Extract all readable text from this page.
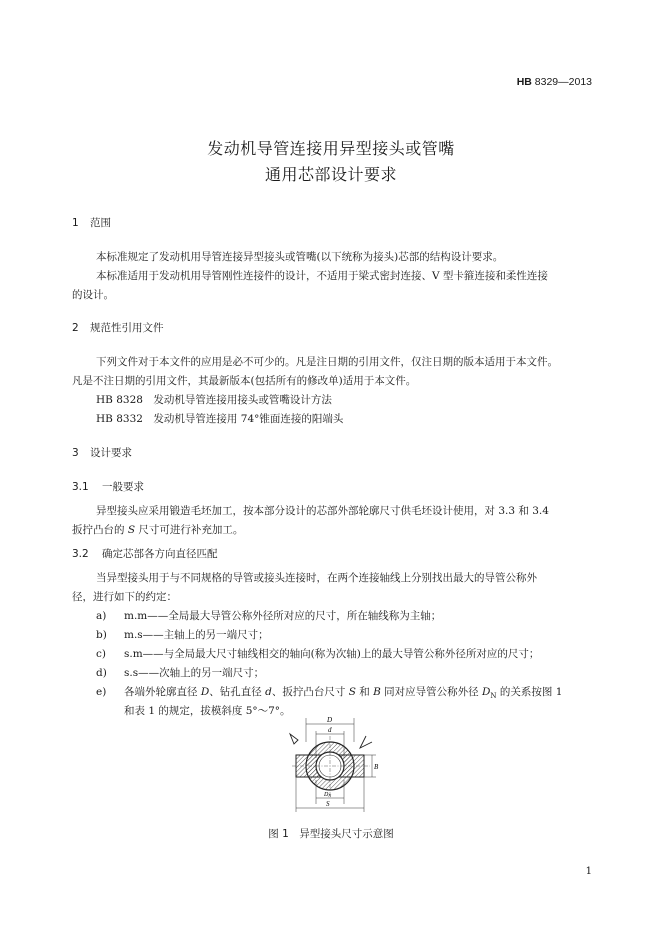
HB 8329—2013
发动机导管连接用异型接头或管嘴
通用芯部设计要求
1 范围
本标准规定了发动机用导管连接异型接头或管嘴(以下统称为接头)芯部的结构设计要求。
本标准适用于发动机用导管刚性连接件的设计，不适用于梁式密封连接、V 型卡箍连接和柔性连接
的设计。
2 规范性引用文件
下列文件对于本文件的应用是必不可少的。凡是注日期的引用文件，仅注日期的版本适用于本文件。
凡是不注日期的引用文件，其最新版本(包括所有的修改单)适用于本文件。
HB 8328　发动机导管连接用接头或管嘴设计方法
HB 8332　发动机导管连接用 74°锥面连接的阳端头
3 设计要求
3.1 一般要求
异型接头应采用锻造毛坯加工，按本部分设计的芯部外部轮廓尺寸供毛坯设计使用，对 3.3 和 3.4
扳拧凸台的 S 尺寸可进行补充加工。
3.2 确定芯部各方向直径匹配
当异型接头用于与不同规格的导管或接头连接时，在两个连接轴线上分别找出最大的导管公称外
径，进行如下的约定：
a) m.m——全局最大导管公称外径所对应的尺寸，所在轴线称为主轴；
b) m.s——主轴上的另一端尺寸；
c) s.m——与全局最大尺寸轴线相交的轴向(称为次轴)上的最大导管公称外径所对应的尺寸；
d) s.s——次轴上的另一端尺寸；
e) 各端外轮廓直径 D、钻孔直径 d、扳拧凸台尺寸 S 和 B 同对应导管公称外径 $D_N$ 的关系按图 1
和表 1 的规定，拔模斜度 5°～7°。
D
d
B
DN
S
图 1　异型接头尺寸示意图
1
